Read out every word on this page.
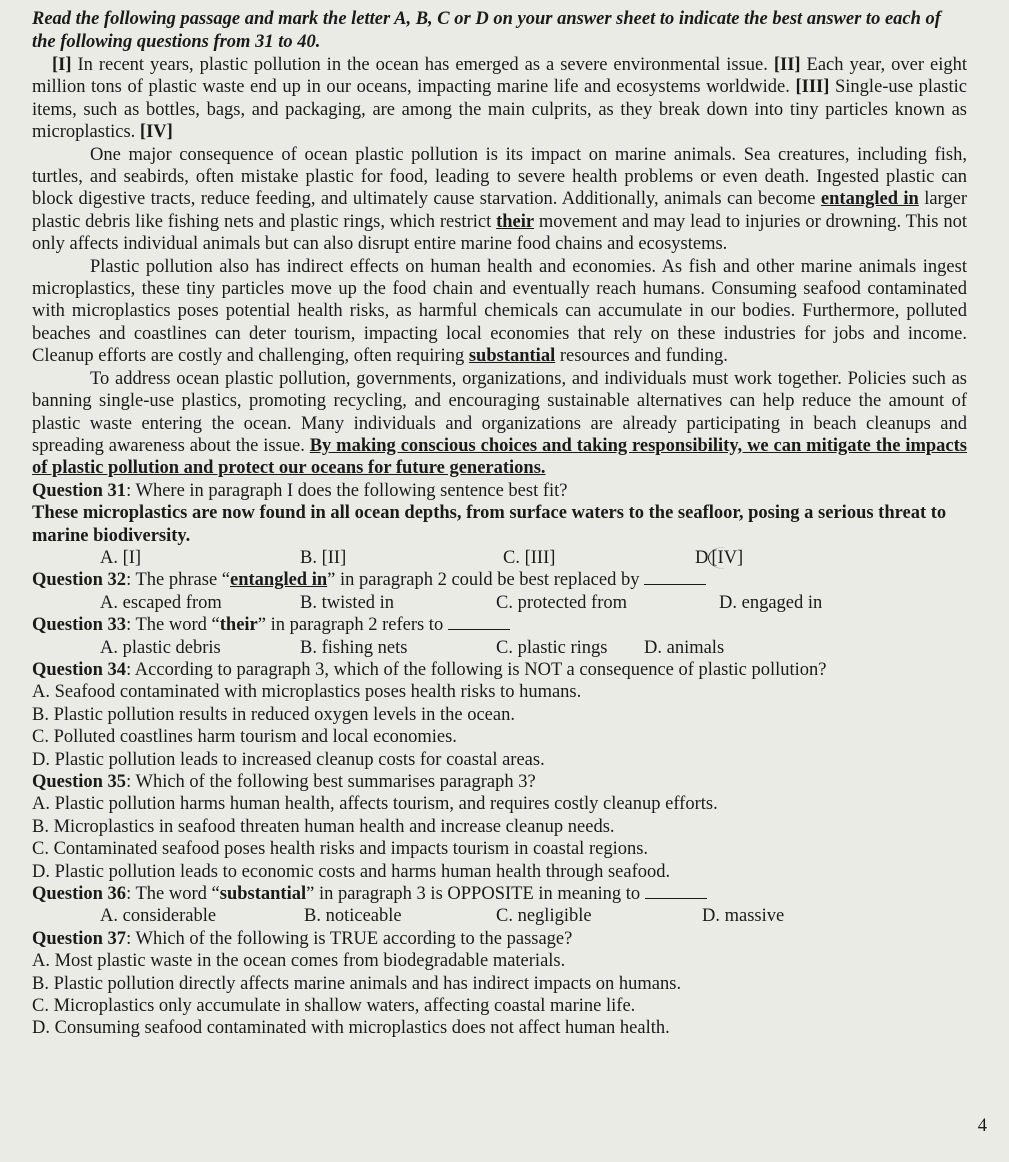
Read the following passage and mark the letter A, B, C or D on your answer sheet to indicate the best answer to each of the following questions from 31 to 40.

[I] In recent years, plastic pollution in the ocean has emerged as a severe environmental issue. [II] Each year, over eight million tons of plastic waste end up in our oceans, impacting marine life and ecosystems worldwide. [III] Single-use plastic items, such as bottles, bags, and packaging, are among the main culprits, as they break down into tiny particles known as microplastics. [IV]

One major consequence of ocean plastic pollution is its impact on marine animals. Sea creatures, including fish, turtles, and seabirds, often mistake plastic for food, leading to severe health problems or even death. Ingested plastic can block digestive tracts, reduce feeding, and ultimately cause starvation. Additionally, animals can become entangled in larger plastic debris like fishing nets and plastic rings, which restrict their movement and may lead to injuries or drowning. This not only affects individual animals but can also disrupt entire marine food chains and ecosystems.

Plastic pollution also has indirect effects on human health and economies. As fish and other marine animals ingest microplastics, these tiny particles move up the food chain and eventually reach humans. Consuming seafood contaminated with microplastics poses potential health risks, as harmful chemicals can accumulate in our bodies. Furthermore, polluted beaches and coastlines can deter tourism, impacting local economies that rely on these industries for jobs and income. Cleanup efforts are costly and challenging, often requiring substantial resources and funding.

To address ocean plastic pollution, governments, organizations, and individuals must work together. Policies such as banning single-use plastics, promoting recycling, and encouraging sustainable alternatives can help reduce the amount of plastic waste entering the ocean. Many individuals and organizations are already participating in beach cleanups and spreading awareness about the issue. By making conscious choices and taking responsibility, we can mitigate the impacts of plastic pollution and protect our oceans for future generations.

Question 31: Where in paragraph I does the following sentence best fit?

These microplastics are now found in all ocean depths, from surface waters to the seafloor, posing a serious threat to marine biodiversity.

A. [I]	B. [II]	C. [III]	D [IV]

Question 32: The phrase “entangled in” in paragraph 2 could be best replaced by

A. escaped from	B. twisted in	C. protected from	D. engaged in

Question 33: The word “their” in paragraph 2 refers to

A. plastic debris	B. fishing nets	C. plastic rings	D. animals

Question 34: According to paragraph 3, which of the following is NOT a consequence of plastic pollution?

A. Seafood contaminated with microplastics poses health risks to humans.

B. Plastic pollution results in reduced oxygen levels in the ocean.

C. Polluted coastlines harm tourism and local economies.

D. Plastic pollution leads to increased cleanup costs for coastal areas.

Question 35: Which of the following best summarises paragraph 3?

A. Plastic pollution harms human health, affects tourism, and requires costly cleanup efforts.

B. Microplastics in seafood threaten human health and increase cleanup needs.

C. Contaminated seafood poses health risks and impacts tourism in coastal regions.

D. Plastic pollution leads to economic costs and harms human health through seafood.

Question 36: The word “substantial” in paragraph 3 is OPPOSITE in meaning to

A. considerable	B. noticeable	C. negligible	D. massive

Question 37: Which of the following is TRUE according to the passage?

A. Most plastic waste in the ocean comes from biodegradable materials.

B. Plastic pollution directly affects marine animals and has indirect impacts on humans.

C. Microplastics only accumulate in shallow waters, affecting coastal marine life.

D. Consuming seafood contaminated with microplastics does not affect human health.

4
